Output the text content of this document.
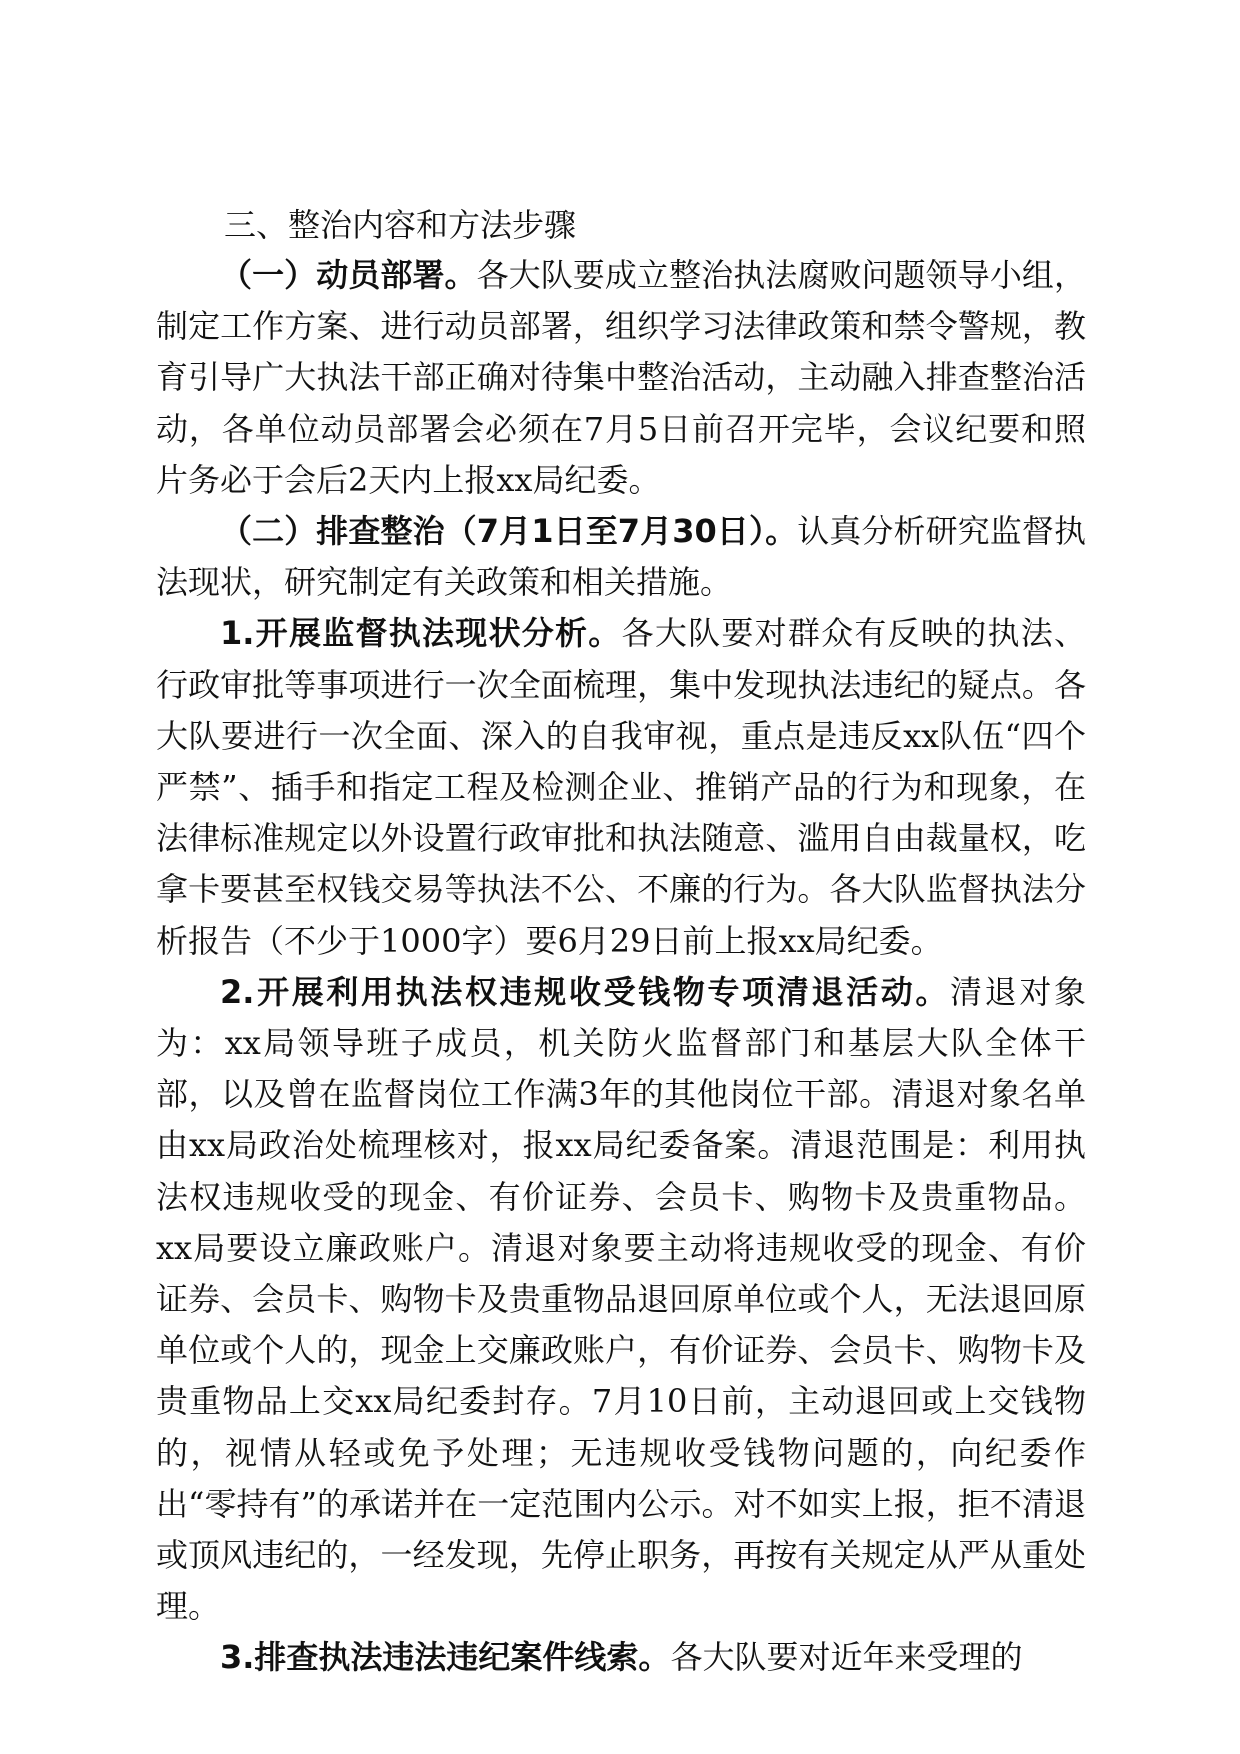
三、整治内容和方法步骤

（一）动员部署。各大队要成立整治执法腐败问题领导小组，制定工作方案、进行动员部署，组织学习法律政策和禁令警规，教育引导广大执法干部正确对待集中整治活动，主动融入排查整治活动，各单位动员部署会必须在7月5日前召开完毕，会议纪要和照片务必于会后2天内上报xx局纪委。

（二）排查整治（7月1日至7月30日）。认真分析研究监督执法现状，研究制定有关政策和相关措施。

1.开展监督执法现状分析。各大队要对群众有反映的执法、行政审批等事项进行一次全面梳理，集中发现执法违纪的疑点。各大队要进行一次全面、深入的自我审视，重点是违反xx队伍“四个严禁”、插手和指定工程及检测企业、推销产品的行为和现象，在法律标准规定以外设置行政审批和执法随意、滥用自由裁量权，吃拿卡要甚至权钱交易等执法不公、不廉的行为。各大队监督执法分析报告（不少于1000字）要6月29日前上报xx局纪委。

2.开展利用执法权违规收受钱物专项清退活动。清退对象为：xx局领导班子成员，机关防火监督部门和基层大队全体干部，以及曾在监督岗位工作满3年的其他岗位干部。清退对象名单由xx局政治处梳理核对，报xx局纪委备案。清退范围是：利用执法权违规收受的现金、有价证券、会员卡、购物卡及贵重物品。xx局要设立廉政账户。清退对象要主动将违规收受的现金、有价证券、会员卡、购物卡及贵重物品退回原单位或个人，无法退回原单位或个人的，现金上交廉政账户，有价证券、会员卡、购物卡及贵重物品上交xx局纪委封存。7月10日前，主动退回或上交钱物的，视情从轻或免予处理；无违规收受钱物问题的，向纪委作出“零持有”的承诺并在一定范围内公示。对不如实上报，拒不清退或顶风违纪的，一经发现，先停止职务，再按有关规定从严从重处理。

3.排查执法违法违纪案件线索。各大队要对近年来受理的
